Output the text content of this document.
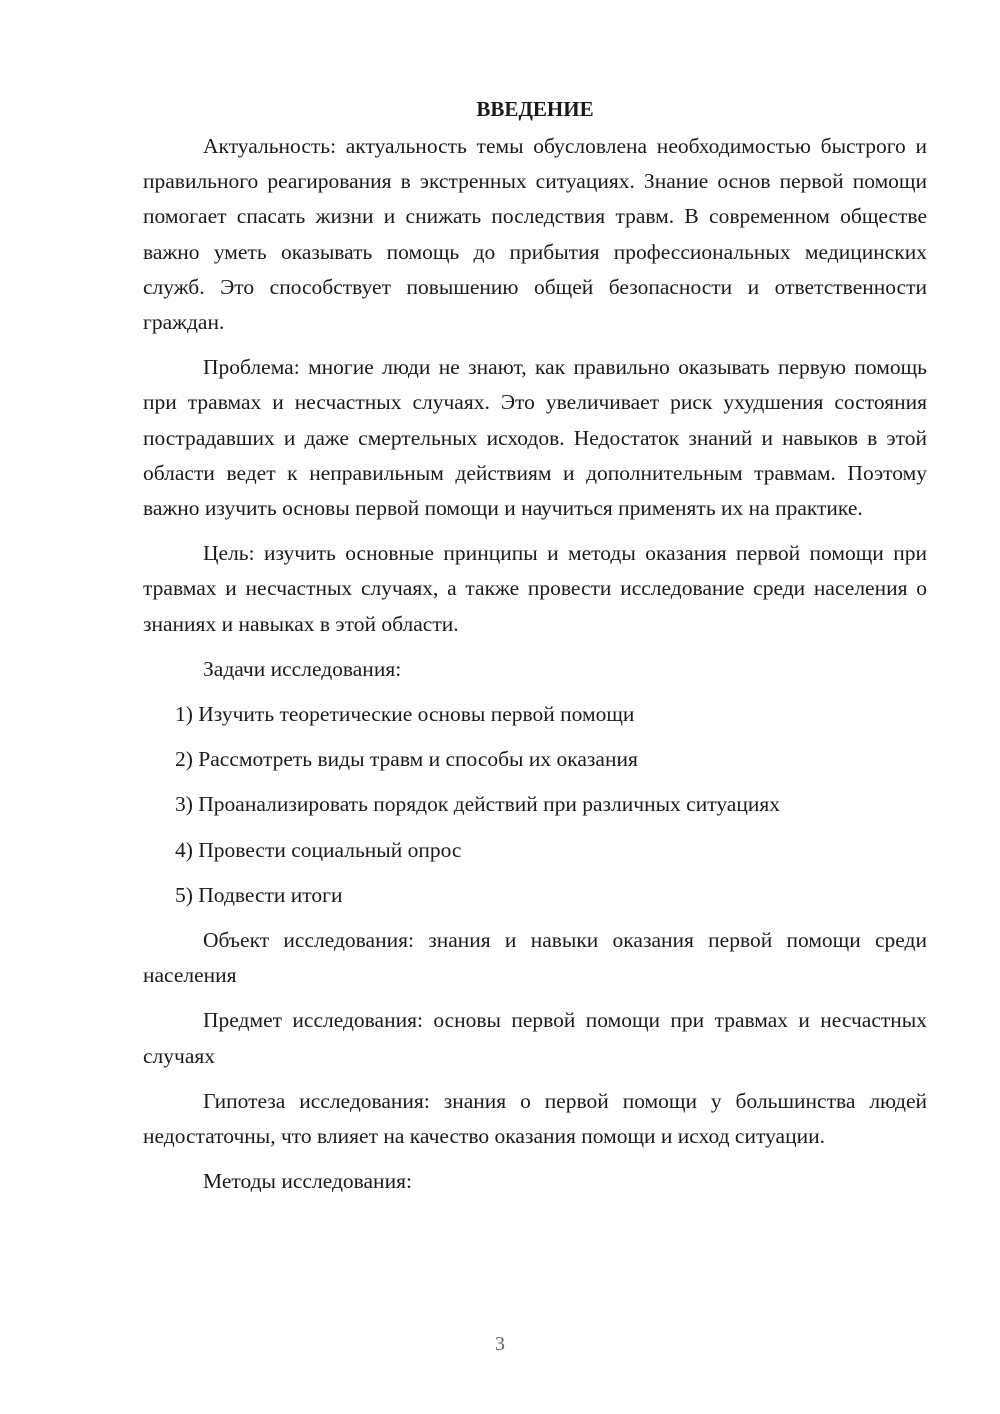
ВВЕДЕНИЕ

Актуальность: актуальность темы обусловлена необходимостью быстрого и правильного реагирования в экстренных ситуациях. Знание основ первой помощи помогает спасать жизни и снижать последствия травм. В современном обществе важно уметь оказывать помощь до прибытия профессиональных медицинских служб. Это способствует повышению общей безопасности и ответственности граждан.

Проблема: многие люди не знают, как правильно оказывать первую помощь при травмах и несчастных случаях. Это увеличивает риск ухудшения состояния пострадавших и даже смертельных исходов. Недостаток знаний и навыков в этой области ведет к неправильным действиям и дополнительным травмам. Поэтому важно изучить основы первой помощи и научиться применять их на практике.

Цель: изучить основные принципы и методы оказания первой помощи при травмах и несчастных случаях, а также провести исследование среди населения о знаниях и навыках в этой области.

Задачи исследования:

1) Изучить теоретические основы первой помощи
2) Рассмотреть виды травм и способы их оказания
3) Проанализировать порядок действий при различных ситуациях
4) Провести социальный опрос
5) Подвести итоги

Объект исследования: знания и навыки оказания первой помощи среди населения

Предмет исследования: основы первой помощи при травмах и несчастных случаях

Гипотеза исследования: знания о первой помощи у большинства людей недостаточны, что влияет на качество оказания помощи и исход ситуации.

Методы исследования:

3
